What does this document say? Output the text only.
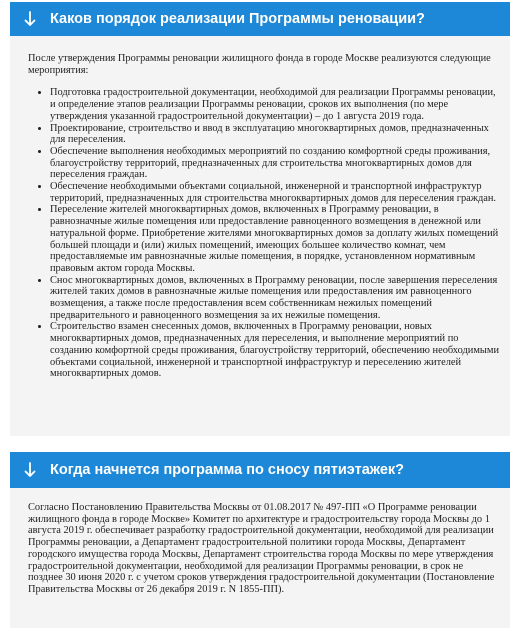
Каков порядок реализации Программы реновации?

После утверждения Программы реновации жилищного фонда в городе Москве реализуются следующие мероприятия:

• Подготовка градостроительной документации, необходимой для реализации Программы реновации, и определение этапов реализации Программы реновации, сроков их выполнения (по мере утверждения указанной градостроительной документации) – до 1 августа 2019 года.
• Проектирование, строительство и ввод в эксплуатацию многоквартирных домов, предназначенных для переселения.
• Обеспечение выполнения необходимых мероприятий по созданию комфортной среды проживания, благоустройству территорий, предназначенных для строительства многоквартирных домов для переселения граждан.
• Обеспечение необходимыми объектами социальной, инженерной и транспортной инфраструктур территорий, предназначенных для строительства многоквартирных домов для переселения граждан.
• Переселение жителей многоквартирных домов, включенных в Программу реновации, в равнозначные жилые помещения или предоставление равноценного возмещения в денежной или натуральной форме. Приобретение жителями многоквартирных домов за доплату жилых помещений большей площади и (или) жилых помещений, имеющих большее количество комнат, чем предоставляемые им равнозначные жилые помещения, в порядке, установленном нормативным правовым актом города Москвы.
• Снос многоквартирных домов, включенных в Программу реновации, после завершения переселения жителей таких домов в равнозначные жилые помещения или предоставления им равноценного возмещения, а также после предоставления всем собственникам нежилых помещений предварительного и равноценного возмещения за их нежилые помещения.
• Строительство взамен снесенных домов, включенных в Программу реновации, новых многоквартирных домов, предназначенных для переселения, и выполнение мероприятий по созданию комфортной среды проживания, благоустройству территорий, обеспечению необходимыми объектами социальной, инженерной и транспортной инфраструктур и переселению жителей многоквартирных домов.
Когда начнется программа по сносу пятиэтажек?

Согласно Постановлению Правительства Москвы от 01.08.2017 № 497-ПП «О Программе реновации жилищного фонда в городе Москве» Комитет по архитектуре и градостроительству города Москвы до 1 августа 2019 г. обеспечивает разработку градостроительной документации, необходимой для реализации Программы реновации, а Департамент градостроительной политики города Москвы, Департамент городского имущества города Москвы, Департамент строительства города Москвы по мере утверждения градостроительной документации, необходимой для реализации Программы реновации, в срок не позднее 30 июня 2020 г. с учетом сроков утверждения градостроительной документации (Постановление Правительства Москвы от 26 декабря 2019 г. N 1855-ПП).
